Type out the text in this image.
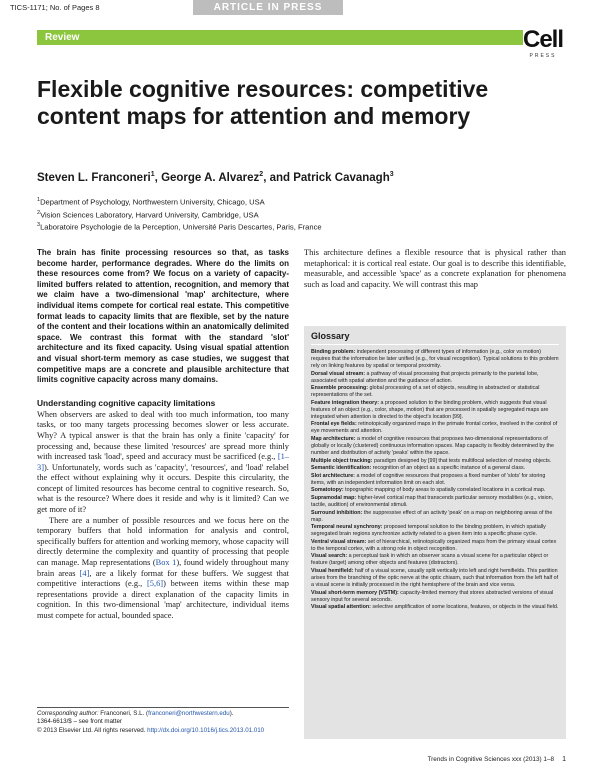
TICS-1171; No. of Pages 8	ARTICLE IN PRESS
Review	Cell
PRESS
Flexible cognitive resources: competitive content maps for attention and memory
Steven L. Franconeri$^1$, George A. Alvarez$^2$, and Patrick Cavanagh$^3$
$^1$Department of Psychology, Northwestern University, Chicago, USA
$^2$Vision Sciences Laboratory, Harvard University, Cambridge, USA
$^3$Laboratoire Psychologie de la Perception, Université Paris Descartes, Paris, France

The brain has finite processing resources so that, as tasks become harder, performance degrades. Where do the limits on these resources come from? We focus on a variety of capacity-limited buffers related to attention, recognition, and memory that we claim have a two-dimensional 'map' architecture, where individual items compete for cortical real estate. This competitive format leads to capacity limits that are flexible, set by the nature of the content and their locations within an anatomically delimited space. We contrast this format with the standard 'slot' architecture and its fixed capacity. Using visual spatial attention and visual short-term memory as case studies, we suggest that competitive maps are a concrete and plausible architecture that limits cognitive capacity across many domains.

Understanding cognitive capacity limitations

When observers are asked to deal with too much information, too many tasks, or too many targets processing becomes slower or less accurate. Why? A typical answer is that the brain has only a finite 'capacity' for processing and, because these limited 'resources' are spread more thinly with increased task 'load', speed and accuracy must be sacrificed (e.g., [1–3]). Unfortunately, words such as 'capacity', 'resources', and 'load' relabel the effect without explaining why it occurs. Despite this circularity, the concept of limited resources has become central to cognitive research. So, what is the resource? Where does it reside and why is it limited? Can we get more of it?

There are a number of possible resources and we focus here on the temporary buffers that hold information for analysis and control, specifically buffers for attention and working memory, whose capacity will directly determine the complexity and quantity of processing that people can manage. Map representations (Box 1), found widely throughout many brain areas [4], are a likely format for these buffers. We suggest that competitive interactions (e.g., [5,6]) between items within these map representations provide a direct explanation of the capacity limits in cognition. In this two-dimensional 'map' architecture, individual items must compete for actual, bounded space.

This architecture defines a flexible resource that is physical rather than metaphorical: it is cortical real estate. Our goal is to describe this identifiable, measurable, and accessible 'space' as a concrete explanation for phenomena such as load and capacity. We will contrast this map

Glossary

Binding problem: independent processing of different types of information (e.g., color vs motion) requires that the information be later unified (e.g., for visual recognition). Typical solutions to this problem rely on linking features by spatial or temporal proximity.

Dorsal visual stream: a pathway of visual processing that projects primarily to the parietal lobe, associated with spatial attention and the guidance of action.

Ensemble processing: global processing of a set of objects, resulting in abstracted or statistical representations of the set.

Feature integration theory: a proposed solution to the binding problem, which suggests that visual features of an object (e.g., color, shape, motion) that are processed in spatially segregated maps are integrated when attention is directed to the object's location [99].

Frontal eye fields: retinotopically organized maps in the primate frontal cortex, involved in the control of eye movements and attention.

Map architecture: a model of cognitive resources that proposes two-dimensional representations of globally or locally (clustered) continuous information spaces. Map capacity is flexibly determined by the number and distribution of activity 'peaks' within the space.

Multiple object tracking: paradigm designed by [99] that tests multifocal selection of moving objects.

Semantic identification: recognition of an object as a specific instance of a general class.

Slot architecture: a model of cognitive resources that proposes a fixed number of 'slots' for storing items, with an independent information limit on each slot.

Somatotopy: topographic mapping of body areas to spatially correlated locations in a cortical map.

Supramodal map: higher-level cortical map that transcends particular sensory modalities (e.g., vision, tactile, audition) of environmental stimuli.

Surround inhibition: the suppressive effect of an activity 'peak' on a map on neighboring areas of the map.

Temporal neural synchrony: proposed temporal solution to the binding problem, in which spatially segregated brain regions synchronize activity related to a given item into a specific phase cycle.

Ventral visual stream: set of hierarchical, retinotopically organized maps from the primary visual cortex to the temporal cortex, with a strong role in object recognition.

Visual search: a perceptual task in which an observer scans a visual scene for a particular object or feature (target) among other objects and features (distractors).

Visual hemifield: half of a visual scene, usually split vertically into left and right hemifields. This partition arises from the branching of the optic nerve at the optic chiasm, such that information from the left half of a visual scene is initially processed in the right hemisphere of the brain and vice versa.

Visual short-term memory (VSTM): capacity-limited memory that stores abstracted versions of visual sensory input for several seconds.

Visual spatial attention: selective amplification of some locations, features, or objects in the visual field.

Corresponding author: Franconeri, S.L. (franconeri@northwestern.edu).
1364-6613/$ – see front matter
© 2013 Elsevier Ltd. All rights reserved. http://dx.doi.org/10.1016/j.tics.2013.01.010
Trends in Cognitive Sciences xxx (2013) 1–8 1
